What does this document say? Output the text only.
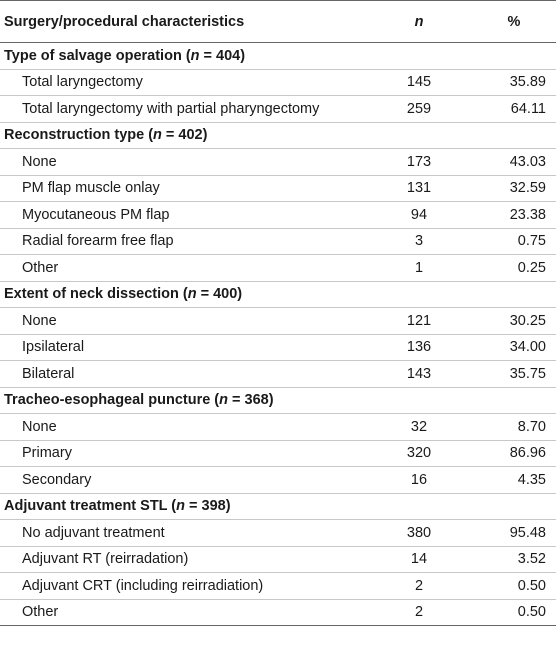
Surgery/procedural characteristics	n	%
Type of salvage operation (n = 404)		
Total laryngectomy	145	35.89
Total laryngectomy with partial pharyngectomy	259	64.11
Reconstruction type (n = 402)		
None	173	43.03
PM flap muscle onlay	131	32.59
Myocutaneous PM flap	94	23.38
Radial forearm free flap	3	0.75
Other	1	0.25
Extent of neck dissection (n = 400)		
None	121	30.25
Ipsilateral	136	34.00
Bilateral	143	35.75
Tracheo-esophageal puncture (n = 368)		
None	32	8.70
Primary	320	86.96
Secondary	16	4.35
Adjuvant treatment STL (n = 398)		
No adjuvant treatment	380	95.48
Adjuvant RT (reirradation)	14	3.52
Adjuvant CRT (including reirradiation)	2	0.50
Other	2	0.50
